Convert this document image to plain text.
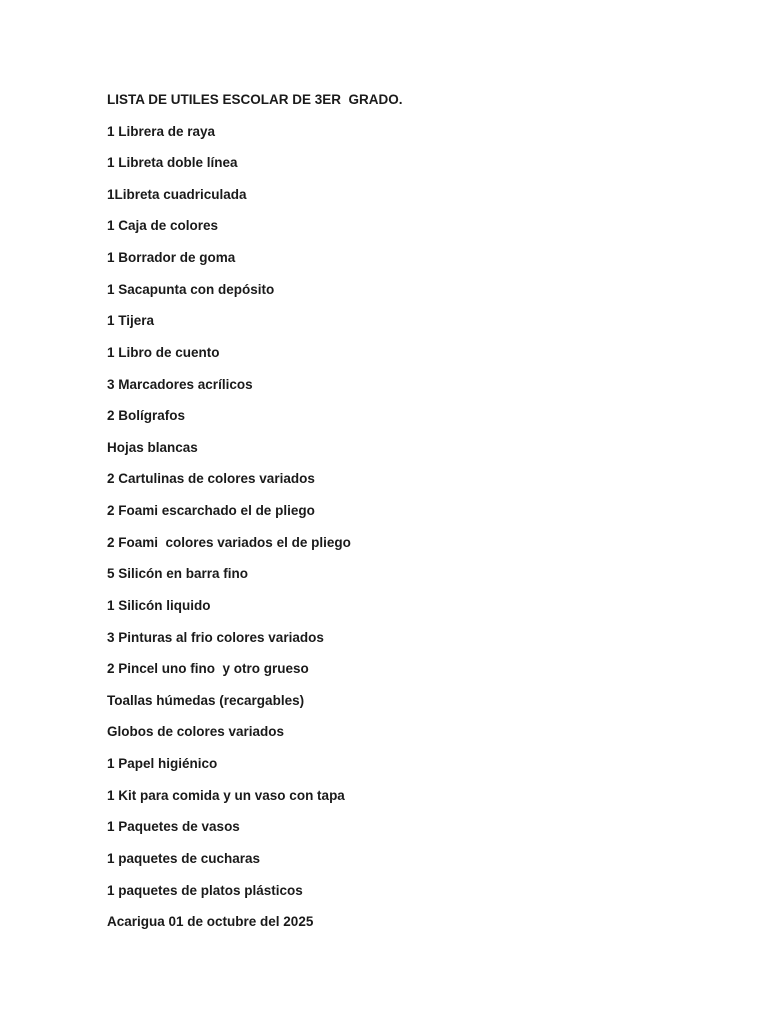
LISTA DE UTILES ESCOLAR DE 3ER  GRADO.

1 Librera de raya

1 Libreta doble línea

1Libreta cuadriculada

1 Caja de colores

1 Borrador de goma

1 Sacapunta con depósito

1 Tijera

1 Libro de cuento

3 Marcadores acrílicos

2 Bolígrafos

Hojas blancas

2 Cartulinas de colores variados

2 Foami escarchado el de pliego

2 Foami  colores variados el de pliego

5 Silicón en barra fino

1 Silicón liquido

3 Pinturas al frio colores variados

2 Pincel uno fino  y otro grueso

Toallas húmedas (recargables)

Globos de colores variados

1 Papel higiénico

1 Kit para comida y un vaso con tapa

1 Paquetes de vasos

1 paquetes de cucharas

1 paquetes de platos plásticos

Acarigua 01 de octubre del 2025
